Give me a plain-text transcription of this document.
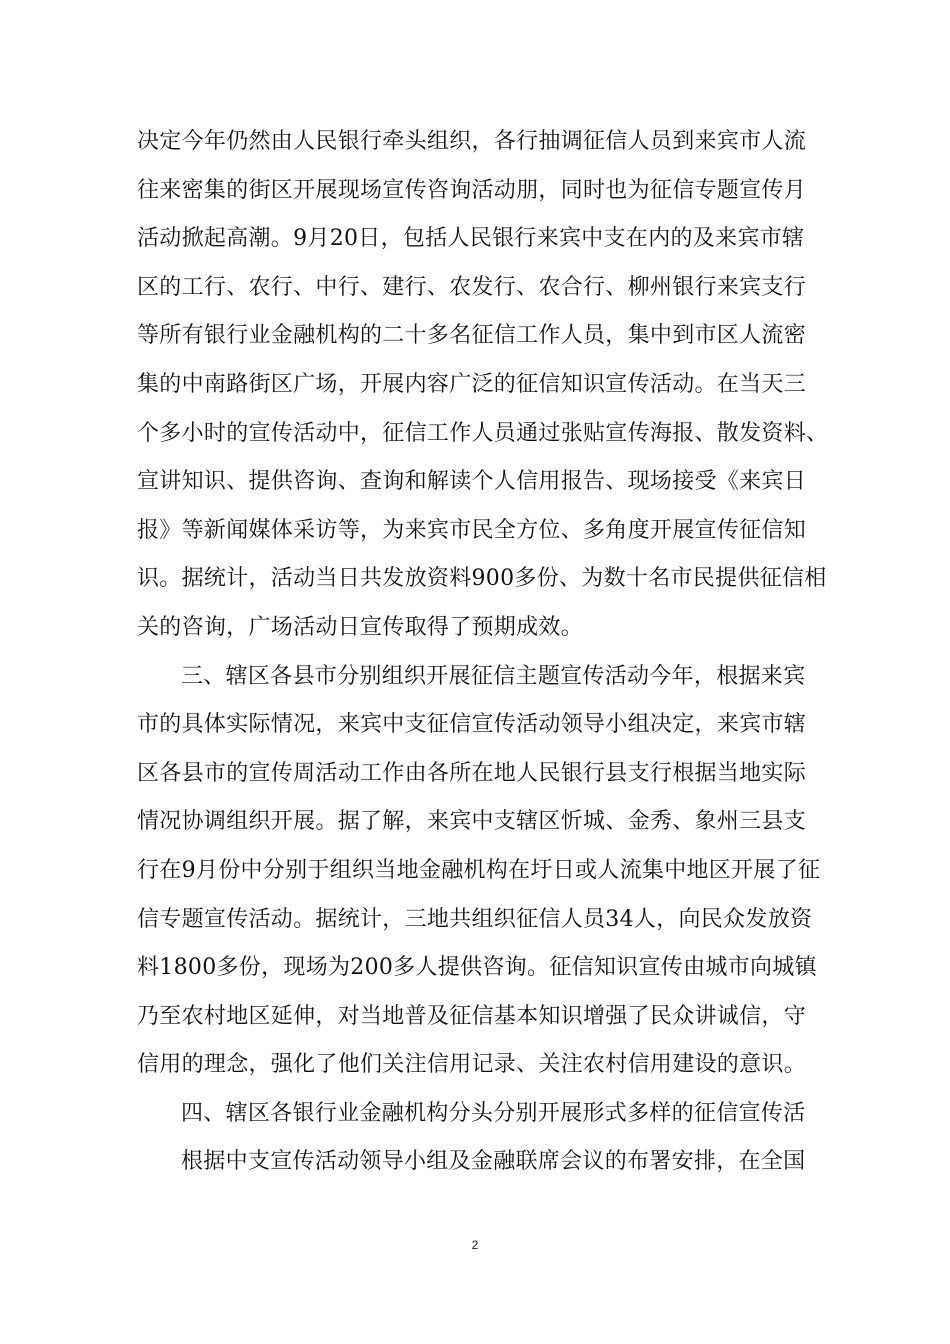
决定今年仍然由人民银行牵头组织，各行抽调征信人员到来宾市人流
往来密集的街区开展现场宣传咨询活动朋，同时也为征信专题宣传月
活动掀起高潮。9月20日，包括人民银行来宾中支在内的及来宾市辖
区的工行、农行、中行、建行、农发行、农合行、柳州银行来宾支行
等所有银行业金融机构的二十多名征信工作人员，集中到市区人流密
集的中南路街区广场，开展内容广泛的征信知识宣传活动。在当天三
个多小时的宣传活动中，征信工作人员通过张贴宣传海报、散发资料、
宣讲知识、提供咨询、查询和解读个人信用报告、现场接受《来宾日
报》等新闻媒体采访等，为来宾市民全方位、多角度开展宣传征信知
识。据统计，活动当日共发放资料900多份、为数十名市民提供征信相
关的咨询，广场活动日宣传取得了预期成效。
三、辖区各县市分别组织开展征信主题宣传活动今年，根据来宾
市的具体实际情况，来宾中支征信宣传活动领导小组决定，来宾市辖
区各县市的宣传周活动工作由各所在地人民银行县支行根据当地实际
情况协调组织开展。据了解，来宾中支辖区忻城、金秀、象州三县支
行在9月份中分别于组织当地金融机构在圩日或人流集中地区开展了征
信专题宣传活动。据统计，三地共组织征信人员34人，向民众发放资
料1800多份，现场为200多人提供咨询。征信知识宣传由城市向城镇
乃至农村地区延伸，对当地普及征信基本知识增强了民众讲诚信，守
信用的理念，强化了他们关注信用记录、关注农村信用建设的意识。
四、辖区各银行业金融机构分头分别开展形式多样的征信宣传活
根据中支宣传活动领导小组及金融联席会议的布署安排，在全国
2
